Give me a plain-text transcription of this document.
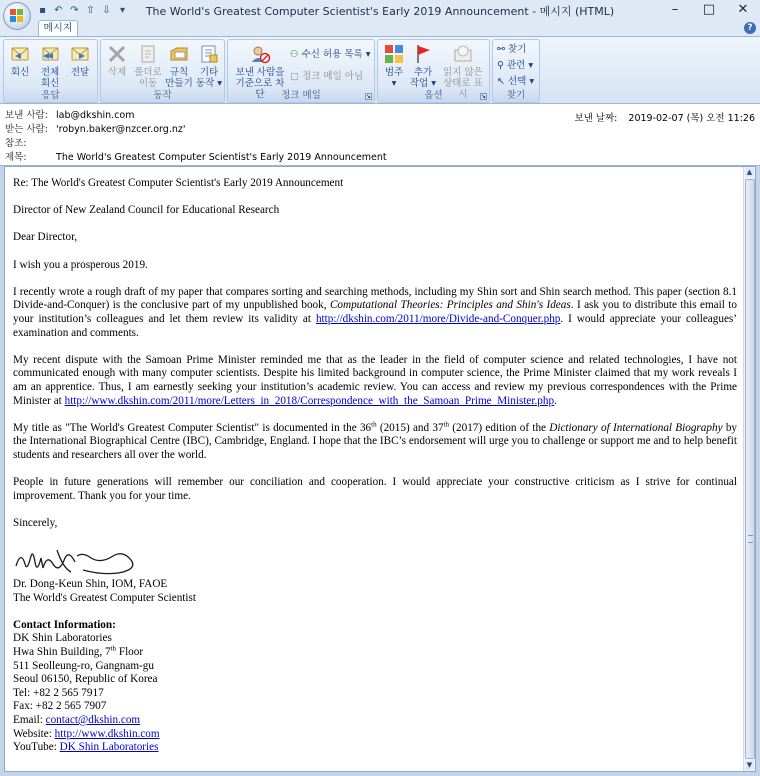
▪ ↶ ↷ ⇧ ⇩ ▾	The World's Greatest Computer Scientist's Early 2019 Announcement - 메시지 (HTML)	–	□	✕
메시지	?
회신	전체
회신
전달
응답
삭제 폴더로
이동
규칙
만들기
기타
동작 ▾
동작
보낸 사람을
기준으로 차단
⚇ 수신 허용 목록 ▾
▢ 정크 메일 아님
정크 메일	↘
범주
▾
추가
작업 ▾
읽지 않은
상태로 표시
옵션	↘
⚯ 찾기
⚲ 관련 ▾
↖ 선택 ▾
찾기
보낸 사람: lab@dkshin.com
받는 사람: 'robyn.baker@nzcer.org.nz'
참조:
제목:	The World's Greatest Computer Scientist's Early 2019 Announcement
보낸 날짜: 2019-02-07 (목) 오전 11:26

Re: The World's Greatest Computer Scientist's Early 2019 Announcement

Director of New Zealand Council for Educational Research

Dear Director,

I wish you a prosperous 2019.

I recently wrote a rough draft of my paper that compares sorting and searching methods, including my Shin sort and Shin search method. This paper (section 8.1 Divide-and-Conquer) is the conclusive part of my unpublished book, Computational Theories: Principles and Shin's Ideas. I ask you to distribute this email to your institution’s colleagues and let them review its validity at http://dkshin.com/2011/more/Divide-and-Conquer.php. I would appreciate your colleagues’ examination and comments.

My recent dispute with the Samoan Prime Minister reminded me that as the leader in the field of computer science and related technologies, I have not communicated enough with many computer scientists. Despite his limited background in computer science, the Prime Minister claimed that my work reveals I am an apprentice. Thus, I am earnestly seeking your institution’s academic review. You can access and review my previous correspondences with the Prime Minister at http://www.dkshin.com/2011/more/Letters_in_2018/Correspondence_with_the_Samoan_Prime_Minister.php.

My title as "The World's Greatest Computer Scientist" is documented in the 36th (2015) and 37th (2017) edition of the Dictionary of International Biography by the International Biographical Centre (IBC), Cambridge, England. I hope that the IBC’s endorsement will urge you to challenge or support me and to help benefit students and researchers all over the world.

People in future generations will remember our conciliation and cooperation. I would appreciate your constructive criticism as I strive for continual improvement. Thank you for your time.

Sincerely,

Dr. Dong-Keun Shin, IOM, FAOE
The World's Greatest Computer Scientist
Contact Information:
DK Shin Laboratories
Hwa Shin Building, 7th Floor
511 Seolleung-ro, Gangnam-gu
Seoul 06150, Republic of Korea
Tel: +82 2 565 7917
Fax: +82 2 565 7907
Email: contact@dkshin.com
Website: http://www.dkshin.com
YouTube: DK Shin Laboratories
▲
▼
